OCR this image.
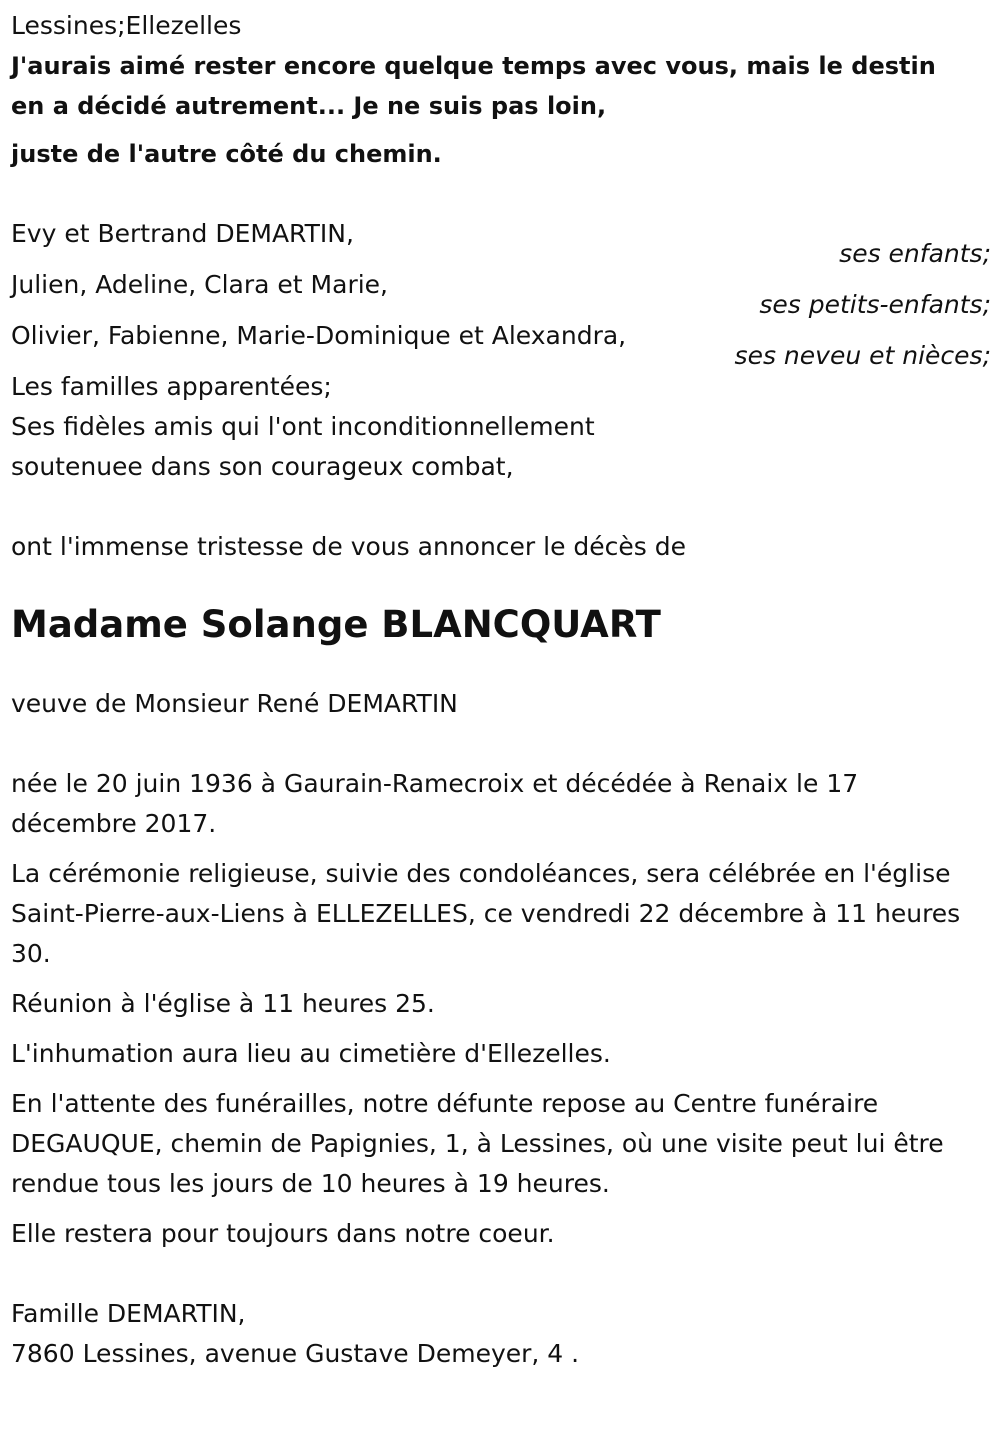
Lessines;Ellezelles
J'aurais aimé rester encore quelque temps avec vous, mais le destin
en a décidé autrement... Je ne suis pas loin,
juste de l'autre côté du chemin.
Evy et Bertrand DEMARTIN,
ses enfants;
Julien, Adeline, Clara et Marie,
ses petits-enfants;
Olivier, Fabienne, Marie-Dominique et Alexandra,
ses neveu et nièces;
Les familles apparentées;
Ses fidèles amis qui l'ont inconditionnellement
soutenuee dans son courageux combat,
ont l'immense tristesse de vous annoncer le décès de
Madame Solange BLANCQUART
veuve de Monsieur René DEMARTIN
née le 20 juin 1936 à Gaurain-Ramecroix et décédée à Renaix le 17 décembre 2017.
La cérémonie religieuse, suivie des condoléances, sera célébrée en l'église Saint-Pierre-aux-Liens à ELLEZELLES, ce vendredi 22 décembre à 11 heures 30.
Réunion à l'église à 11 heures 25.
L'inhumation aura lieu au cimetière d'Ellezelles.
En l'attente des funérailles, notre défunte repose au Centre funéraire DEGAUQUE, chemin de Papignies, 1, à Lessines, où une visite peut lui être rendue tous les jours de 10 heures à 19 heures.
Elle restera pour toujours dans notre coeur.
Famille DEMARTIN,
7860 Lessines, avenue Gustave Demeyer, 4 .
